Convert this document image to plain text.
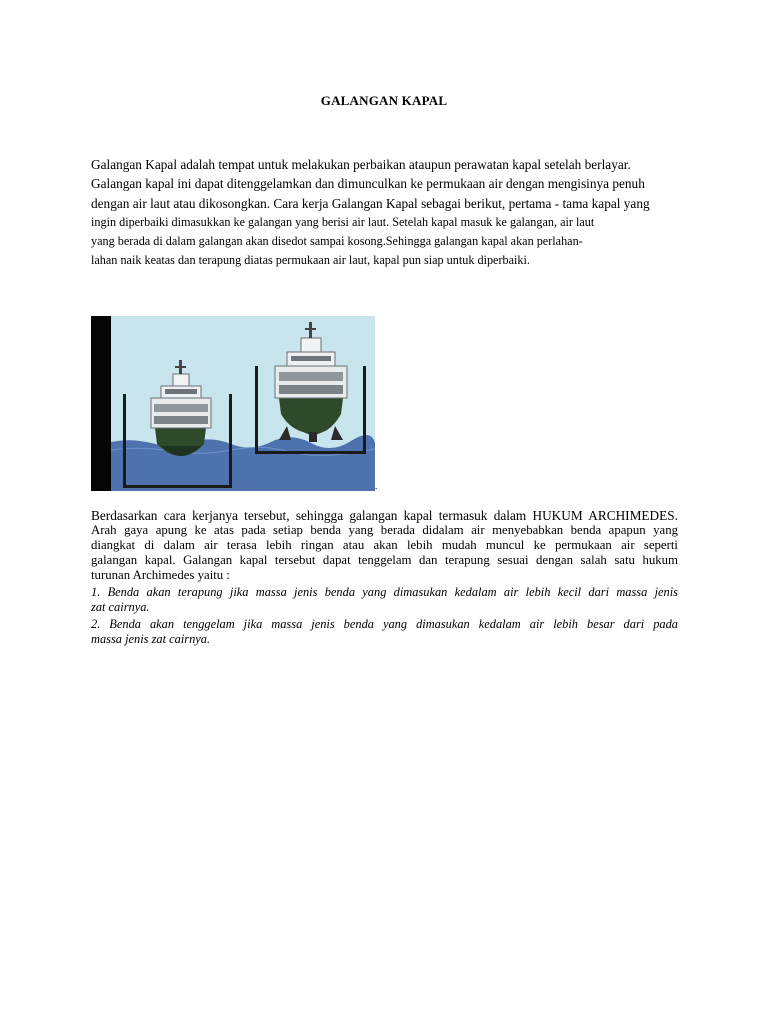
GALANGAN KAPAL
Galangan Kapal adalah tempat untuk melakukan perbaikan ataupun perawatan kapal setelah berlayar.
Galangan kapal ini dapat ditenggelamkan dan dimunculkan ke permukaan air dengan mengisinya penuh
dengan air laut atau dikosongkan. Cara kerja Galangan Kapal sebagai berikut, pertama - tama kapal yang
ingin diperbaiki dimasukkan ke galangan yang berisi air laut. Setelah kapal masuk ke galangan, air laut
yang berada di dalam galangan akan disedot sampai kosong.Sehingga galangan kapal akan perlahan-
lahan naik keatas dan terapung diatas permukaan air laut, kapal pun siap untuk diperbaiki.
.
Berdasarkan cara kerjanya tersebut, sehingga galangan kapal termasuk dalam HUKUM ARCHIMEDES.
Arah gaya apung ke atas pada setiap benda yang berada didalam air menyebabkan benda apapun yang
diangkat di dalam air terasa lebih ringan atau akan lebih mudah muncul ke permukaan air seperti
galangan kapal. Galangan kapal tersebut dapat tenggelam dan terapung sesuai dengan salah satu hukum
turunan Archimedes yaitu :
1. Benda akan terapung jika massa jenis benda yang dimasukan kedalam air lebih kecil dari massa jenis
zat cairnya.
2. Benda akan tenggelam jika massa jenis benda yang dimasukan kedalam air lebih besar dari pada
massa jenis zat cairnya.
